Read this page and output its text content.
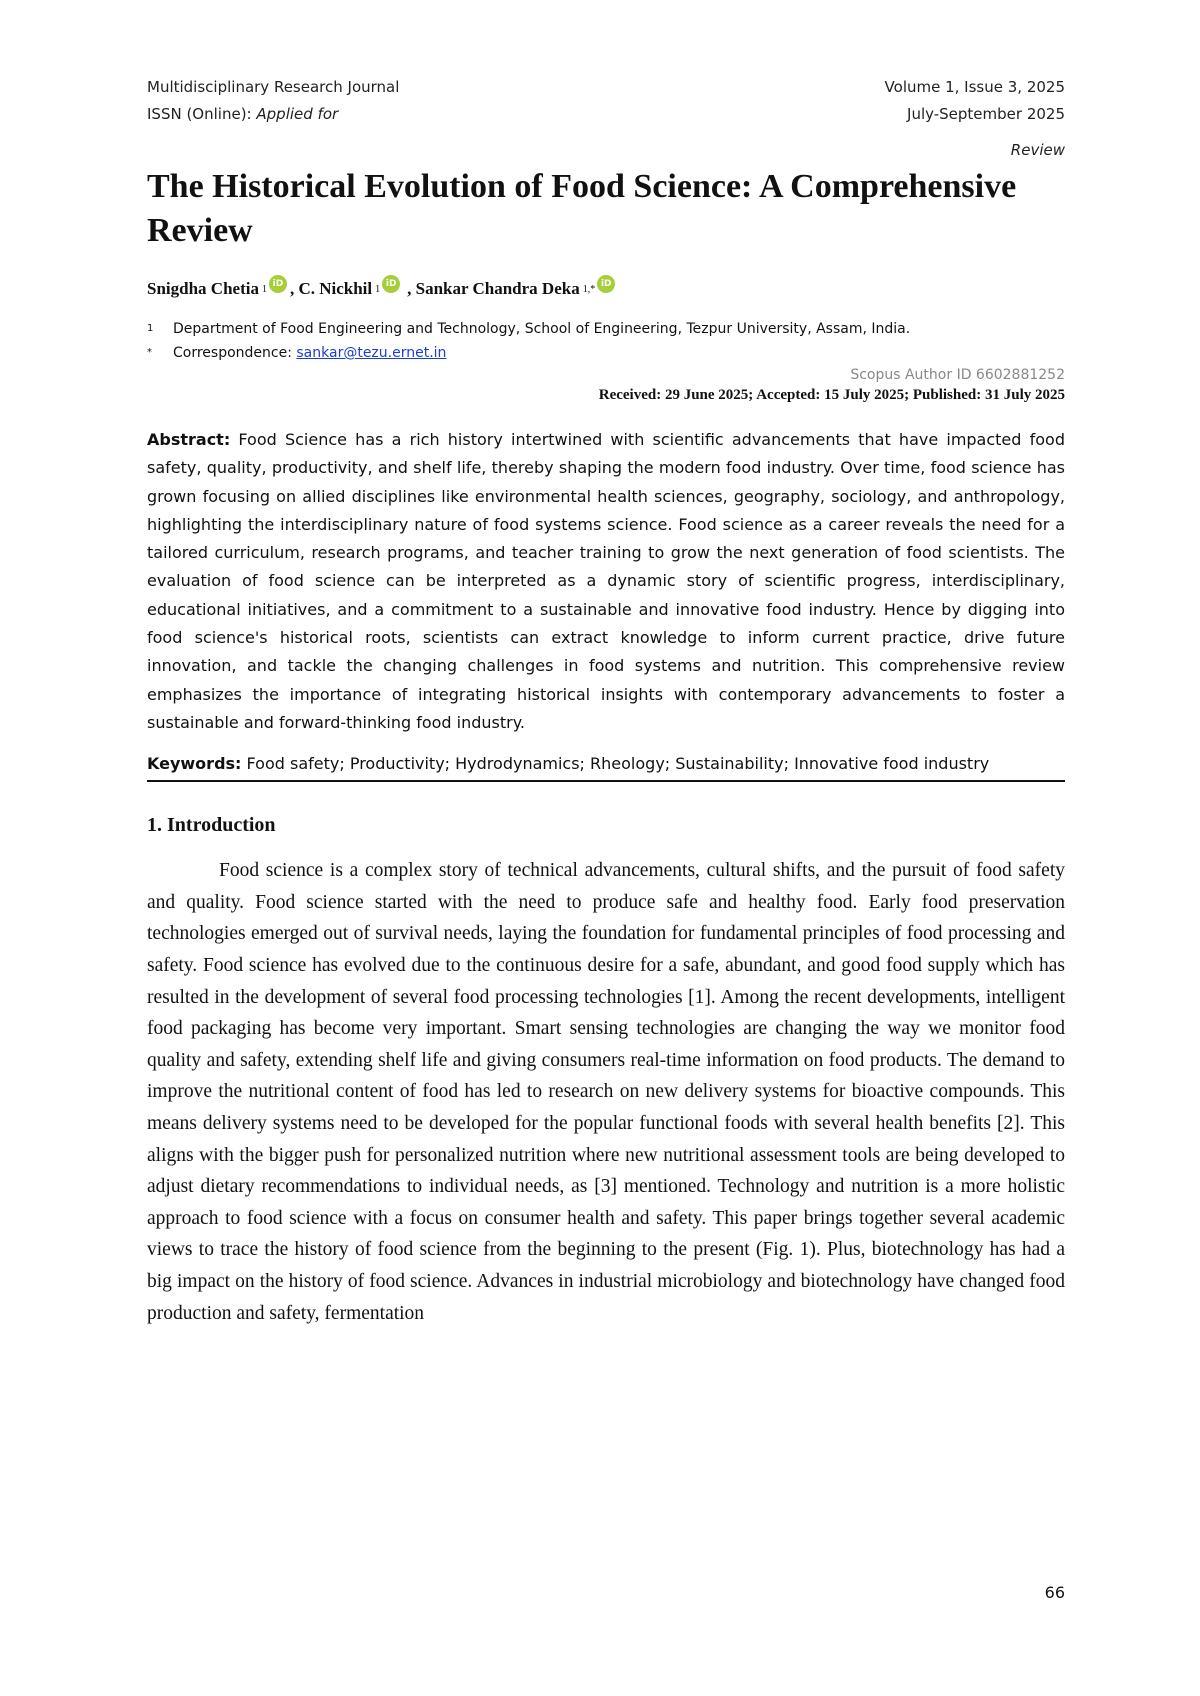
Multidisciplinary Research Journal	Volume 1, Issue 3, 2025
ISSN (Online): Applied for	July-September 2025
Review
The Historical Evolution of Food Science: A Comprehensive Review
Snigdha Chetia 1 iD , C. Nickhil 1 iD , Sankar Chandra Deka 1,* iD
1	Department of Food Engineering and Technology, School of Engineering, Tezpur University, Assam, India.
*	Correspondence: sankar@tezu.ernet.in
Scopus Author ID 6602881252
Received: 29 June 2025; Accepted: 15 July 2025; Published: 31 July 2025
Abstract: Food Science has a rich history intertwined with scientific advancements that have impacted food safety, quality, productivity, and shelf life, thereby shaping the modern food industry. Over time, food science has grown focusing on allied disciplines like environmental health sciences, geography, sociology, and anthropology, highlighting the interdisciplinary nature of food systems science. Food science as a career reveals the need for a tailored curriculum, research programs, and teacher training to grow the next generation of food scientists. The evaluation of food science can be interpreted as a dynamic story of scientific progress, interdisciplinary, educational initiatives, and a commitment to a sustainable and innovative food industry. Hence by digging into food science's historical roots, scientists can extract knowledge to inform current practice, drive future innovation, and tackle the changing challenges in food systems and nutrition. This comprehensive review emphasizes the importance of integrating historical insights with contemporary advancements to foster a sustainable and forward-thinking food industry.
Keywords: Food safety; Productivity; Hydrodynamics; Rheology; Sustainability; Innovative food industry
1. Introduction
Food science is a complex story of technical advancements, cultural shifts, and the pursuit of food safety and quality. Food science started with the need to produce safe and healthy food. Early food preservation technologies emerged out of survival needs, laying the foundation for fundamental principles of food processing and safety. Food science has evolved due to the continuous desire for a safe, abundant, and good food supply which has resulted in the development of several food processing technologies [1]. Among the recent developments, intelligent food packaging has become very important. Smart sensing technologies are changing the way we monitor food quality and safety, extending shelf life and giving consumers real-time information on food products. The demand to improve the nutritional content of food has led to research on new delivery systems for bioactive compounds. This means delivery systems need to be developed for the popular functional foods with several health benefits [2]. This aligns with the bigger push for personalized nutrition where new nutritional assessment tools are being developed to adjust dietary recommendations to individual needs, as [3] mentioned. Technology and nutrition is a more holistic approach to food science with a focus on consumer health and safety. This paper brings together several academic views to trace the history of food science from the beginning to the present (Fig. 1). Plus, biotechnology has had a big impact on the history of food science. Advances in industrial microbiology and biotechnology have changed food production and safety, fermentation
66
